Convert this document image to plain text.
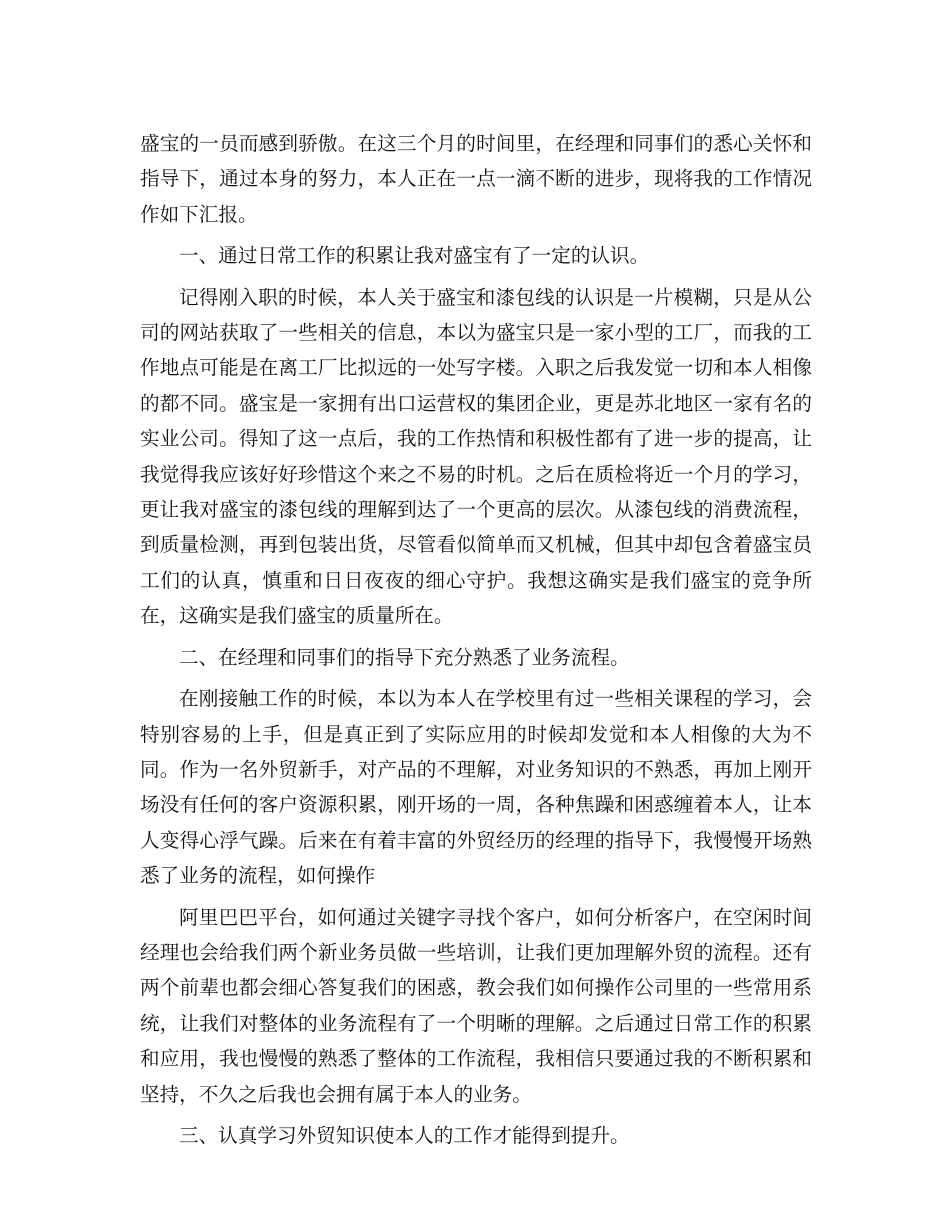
盛宝的一员而感到骄傲。在这三个月的时间里，在经理和同事们的悉心关怀和指导下，通过本身的努力，本人正在一点一滴不断的进步，现将我的工作情况作如下汇报。

一、通过日常工作的积累让我对盛宝有了一定的认识。

记得刚入职的时候，本人关于盛宝和漆包线的认识是一片模糊，只是从公司的网站获取了一些相关的信息，本以为盛宝只是一家小型的工厂，而我的工作地点可能是在离工厂比拟远的一处写字楼。入职之后我发觉一切和本人相像的都不同。盛宝是一家拥有出口运营权的集团企业，更是苏北地区一家有名的实业公司。得知了这一点后，我的工作热情和积极性都有了进一步的提高，让我觉得我应该好好珍惜这个来之不易的时机。之后在质检将近一个月的学习，更让我对盛宝的漆包线的理解到达了一个更高的层次。从漆包线的消费流程，到质量检测，再到包装出货，尽管看似简单而又机械，但其中却包含着盛宝员工们的认真，慎重和日日夜夜的细心守护。我想这确实是我们盛宝的竞争所在，这确实是我们盛宝的质量所在。

二、在经理和同事们的指导下充分熟悉了业务流程。

在刚接触工作的时候，本以为本人在学校里有过一些相关课程的学习，会特别容易的上手，但是真正到了实际应用的时候却发觉和本人相像的大为不同。作为一名外贸新手，对产品的不理解，对业务知识的不熟悉，再加上刚开场没有任何的客户资源积累，刚开场的一周，各种焦躁和困惑缠着本人，让本人变得心浮气躁。后来在有着丰富的外贸经历的经理的指导下，我慢慢开场熟悉了业务的流程，如何操作

阿里巴巴平台，如何通过关键字寻找个客户，如何分析客户，在空闲时间经理也会给我们两个新业务员做一些培训，让我们更加理解外贸的流程。还有两个前辈也都会细心答复我们的困惑，教会我们如何操作公司里的一些常用系统，让我们对整体的业务流程有了一个明晰的理解。之后通过日常工作的积累和应用，我也慢慢的熟悉了整体的工作流程，我相信只要通过我的不断积累和坚持，不久之后我也会拥有属于本人的业务。

三、认真学习外贸知识使本人的工作才能得到提升。
